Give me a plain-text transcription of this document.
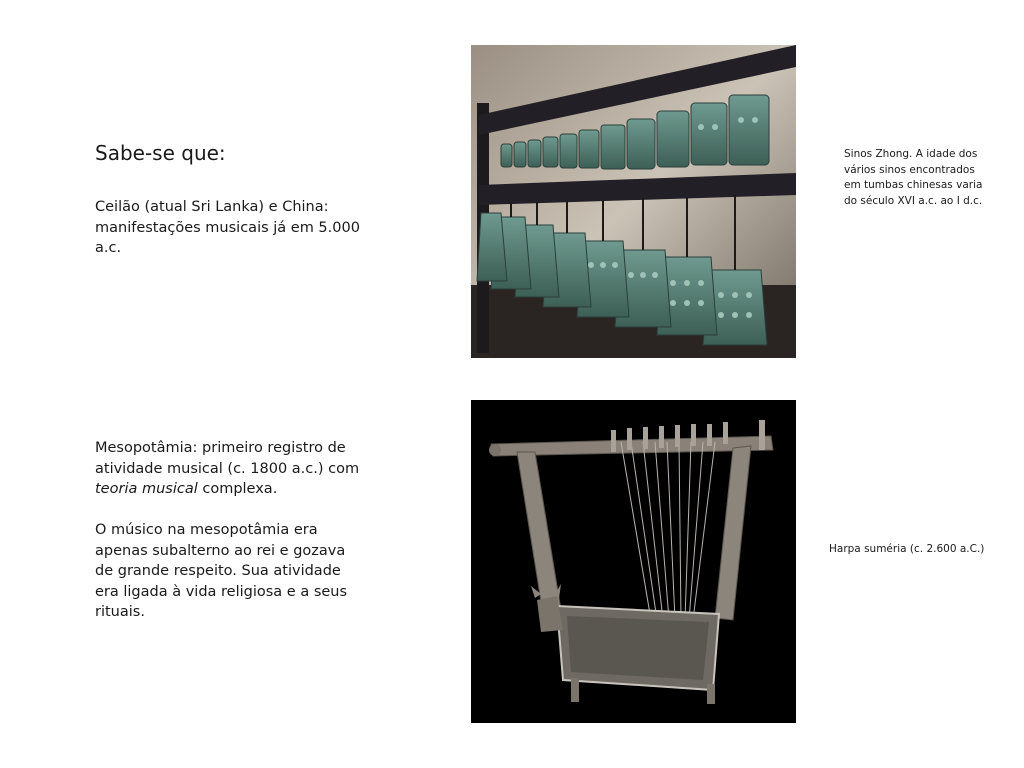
Sabe-se que:

Ceilão (atual Sri Lanka) e China: manifestações musicais já em 5.000 a.c.

Mesopotâmia: primeiro registro de atividade musical (c. 1800 a.c.) com teoria musical complexa.

O músico na mesopotâmia era apenas subalterno ao rei e gozava de grande respeito. Sua atividade era ligada à vida religiosa e a seus rituais.

Sinos Zhong. A idade dos vários sinos encontrados em tumbas chinesas varia do século XVI a.c. ao I d.c.

Harpa suméria (c. 2.600 a.C.)
